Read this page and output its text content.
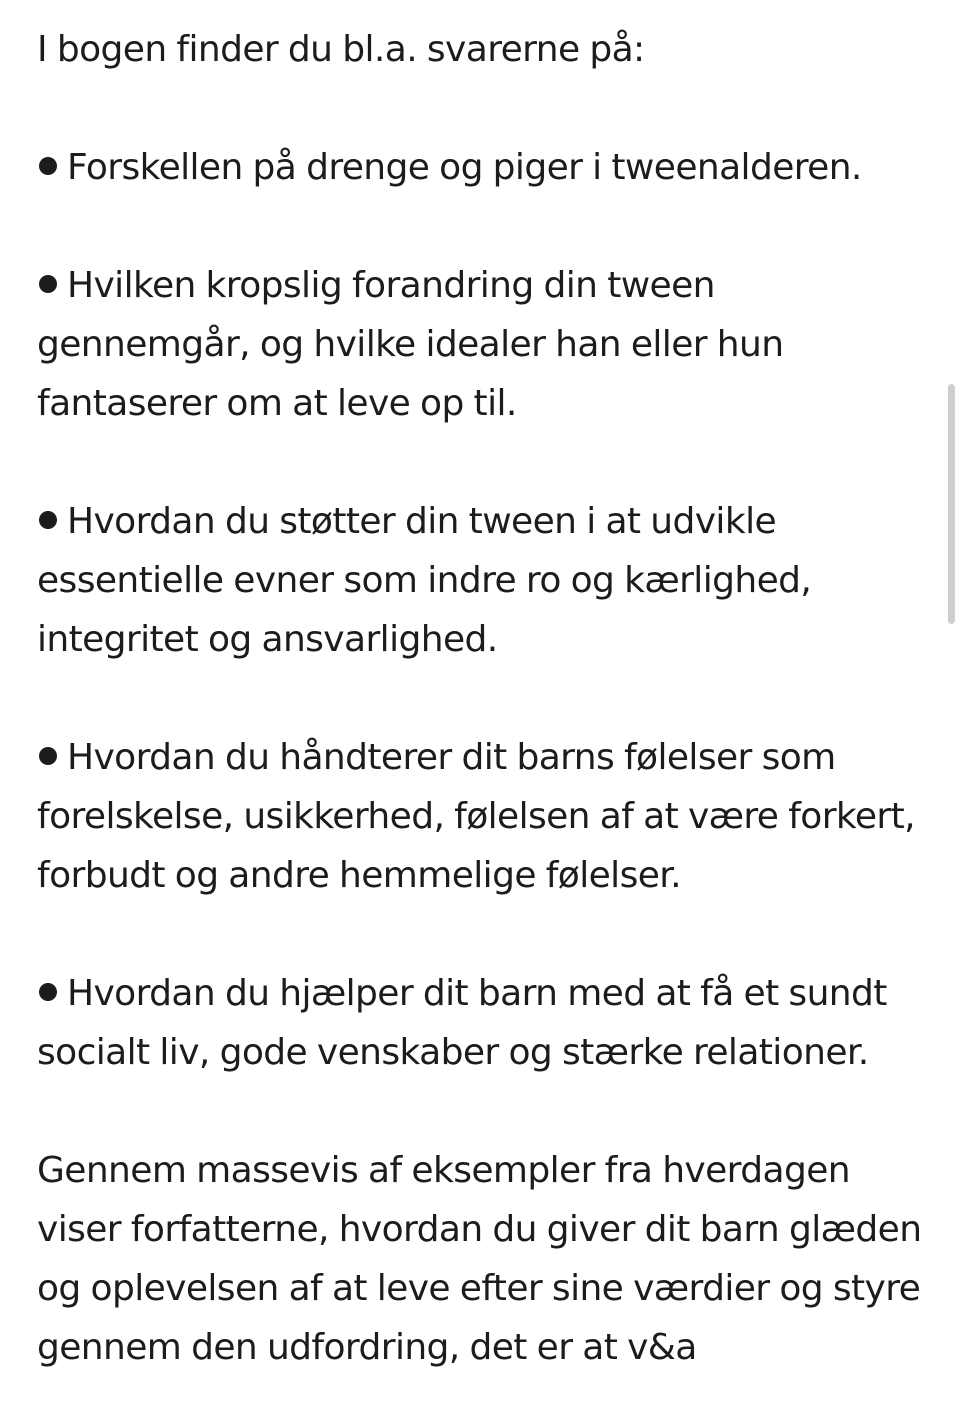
I bogen finder du bl.a. svarerne på:

Forskellen på drenge og piger i tweenalderen.

Hvilken kropslig forandring din tween gennemgår, og hvilke idealer han eller hun fantaserer om at leve op til.

Hvordan du støtter din tween i at udvikle essentielle evner som indre ro og kærlighed, integritet og ansvarlighed.

Hvordan du håndterer dit barns følelser som forelskelse, usikkerhed, følelsen af at være forkert, forbudt og andre hemmelige følelser.

Hvordan du hjælper dit barn med at få et sundt socialt liv, gode venskaber og stærke relationer.

Gennem massevis af eksempler fra hverdagen viser forfatterne, hvordan du giver dit barn glæden og oplevelsen af at leve efter sine værdier og styre gennem den udfordring, det er at v&a
